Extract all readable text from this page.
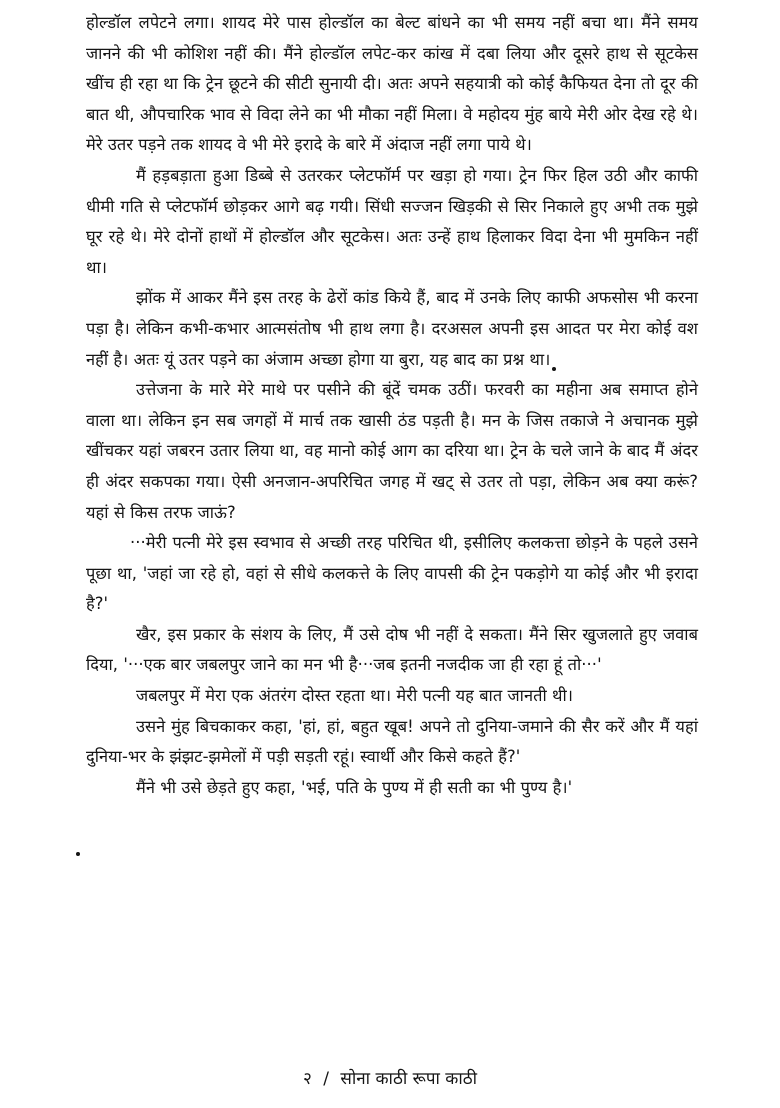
होल्डॉल लपेटने लगा। शायद मेरे पास होल्डॉल का बेल्ट बांधने का भी समय नहीं बचा था। मैंने समय जानने की भी कोशिश नहीं की। मैंने होल्डॉल लपेट-कर कांख में दबा लिया और दूसरे हाथ से सूटकेस खींच ही रहा था कि ट्रेन छूटने की सीटी सुनायी दी। अतः अपने सहयात्री को कोई कैफियत देना तो दूर की बात थी, औपचारिक भाव से विदा लेने का भी मौका नहीं मिला। वे महोदय मुंह बाये मेरी ओर देख रहे थे। मेरे उतर पड़ने तक शायद वे भी मेरे इरादे के बारे में अंदाज नहीं लगा पाये थे।

मैं हड़बड़ाता हुआ डिब्बे से उतरकर प्लेटफॉर्म पर खड़ा हो गया। ट्रेन फिर हिल उठी और काफी धीमी गति से प्लेटफॉर्म छोड़कर आगे बढ़ गयी। सिंधी सज्जन खिड़की से सिर निकाले हुए अभी तक मुझे घूर रहे थे। मेरे दोनों हाथों में होल्डॉल और सूटकेस। अतः उन्हें हाथ हिलाकर विदा देना भी मुमकिन नहीं था।

झोंक में आकर मैंने इस तरह के ढेरों कांड किये हैं, बाद में उनके लिए काफी अफसोस भी करना पड़ा है। लेकिन कभी-कभार आत्मसंतोष भी हाथ लगा है। दरअसल अपनी इस आदत पर मेरा कोई वश नहीं है। अतः यूं उतर पड़ने का अंजाम अच्छा होगा या बुरा, यह बाद का प्रश्न था।

उत्तेजना के मारे मेरे माथे पर पसीने की बूंदें चमक उठीं। फरवरी का महीना अब समाप्त होने वाला था। लेकिन इन सब जगहों में मार्च तक खासी ठंड पड़ती है। मन के जिस तकाजे ने अचानक मुझे खींचकर यहां जबरन उतार लिया था, वह मानो कोई आग का दरिया था। ट्रेन के चले जाने के बाद मैं अंदर ही अंदर सकपका गया। ऐसी अनजान-अपरिचित जगह में खट् से उतर तो पड़ा, लेकिन अब क्या करूं? यहां से किस तरफ जाऊं?

···मेरी पत्नी मेरे इस स्वभाव से अच्छी तरह परिचित थी, इसीलिए कलकत्ता छोड़ने के पहले उसने पूछा था, 'जहां जा रहे हो, वहां से सीधे कलकत्ते के लिए वापसी की ट्रेन पकड़ोगे या कोई और भी इरादा है?'

खैर, इस प्रकार के संशय के लिए, मैं उसे दोष भी नहीं दे सकता। मैंने सिर खुजलाते हुए जवाब दिया, '···एक बार जबलपुर जाने का मन भी है···जब इतनी नजदीक जा ही रहा हूं तो···'

जबलपुर में मेरा एक अंतरंग दोस्त रहता था। मेरी पत्नी यह बात जानती थी।

उसने मुंह बिचकाकर कहा, 'हां, हां, बहुत खूब! अपने तो दुनिया-जमाने की सैर करें और मैं यहां दुनिया-भर के झंझट-झमेलों में पड़ी सड़ती रहूं। स्वार्थी और किसे कहते हैं?'

मैंने भी उसे छेड़ते हुए कहा, 'भई, पति के पुण्य में ही सती का भी पुण्य है।'

२ / सोना काठी रूपा काठी
